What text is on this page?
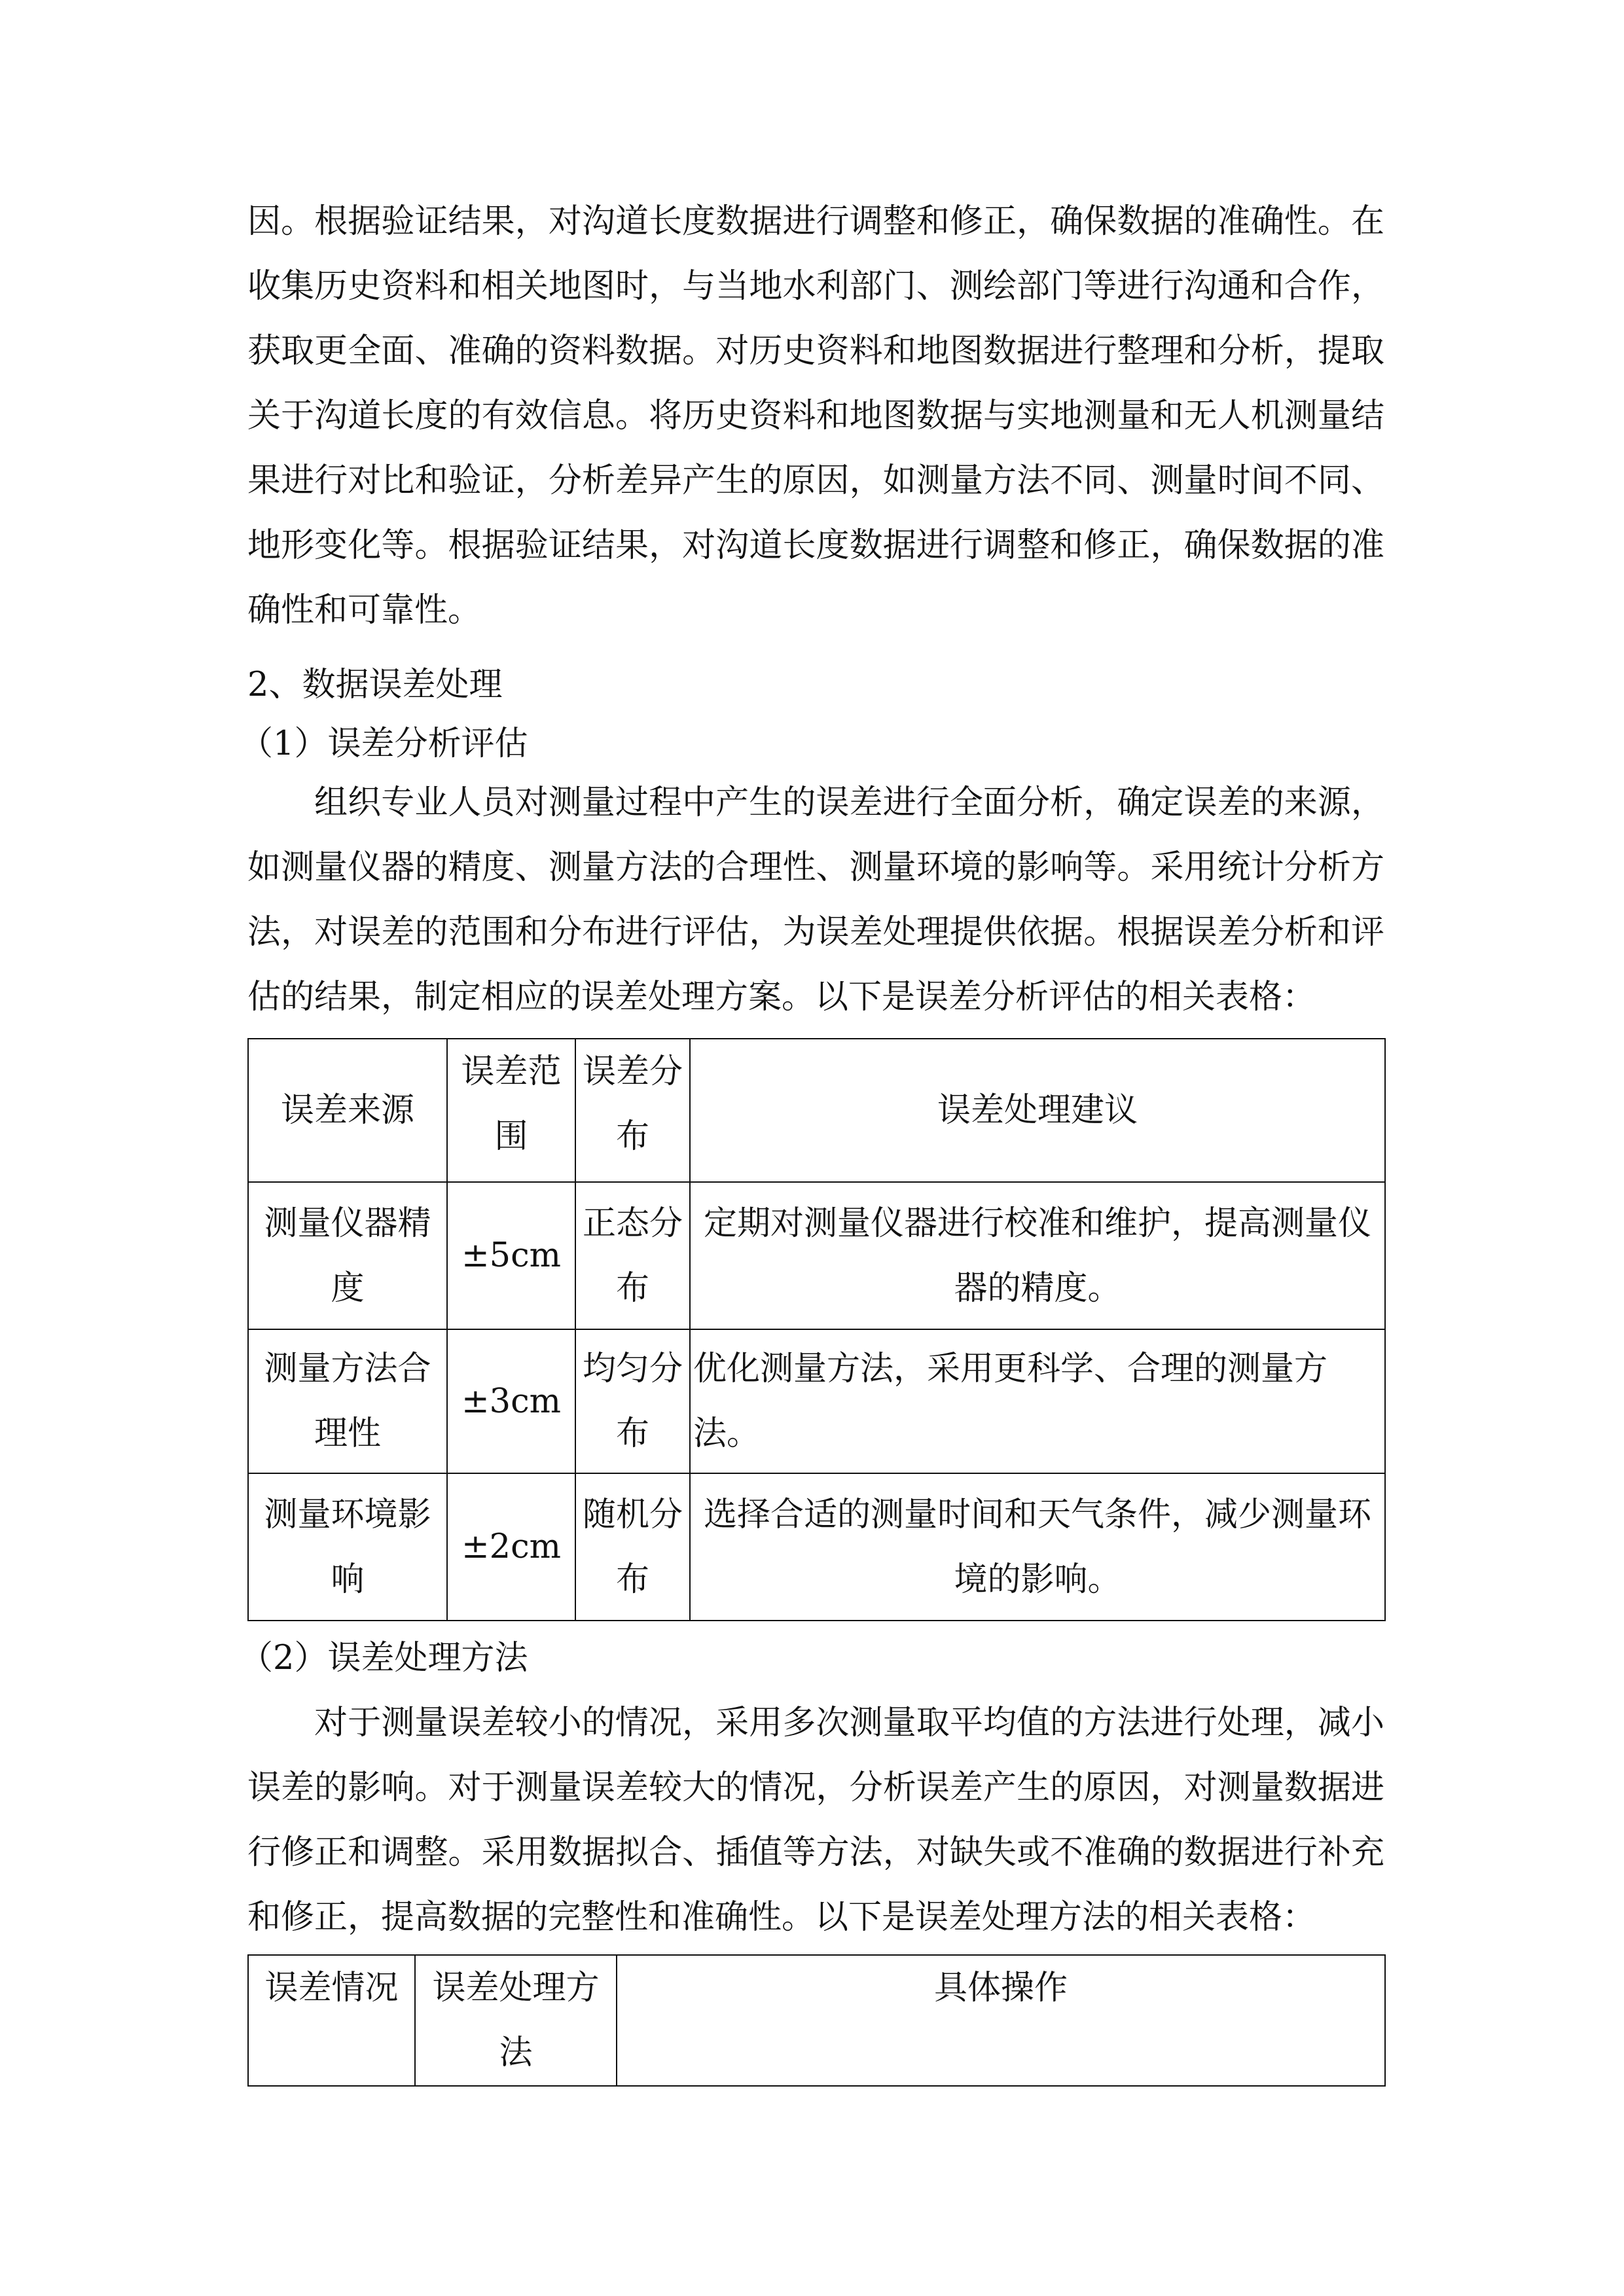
因。根据验证结果，对沟道长度数据进行调整和修正，确保数据的准确性。在
收集历史资料和相关地图时，与当地水利部门、测绘部门等进行沟通和合作，
获取更全面、准确的资料数据。对历史资料和地图数据进行整理和分析，提取
关于沟道长度的有效信息。将历史资料和地图数据与实地测量和无人机测量结
果进行对比和验证，分析差异产生的原因，如测量方法不同、测量时间不同、
地形变化等。根据验证结果，对沟道长度数据进行调整和修正，确保数据的准
确性和可靠性。
2、数据误差处理
（1）误差分析评估
组织专业人员对测量过程中产生的误差进行全面分析，确定误差的来源，
如测量仪器的精度、测量方法的合理性、测量环境的影响等。采用统计分析方
法，对误差的范围和分布进行评估，为误差处理提供依据。根据误差分析和评
估的结果，制定相应的误差处理方案。以下是误差分析评估的相关表格：
误差来源	误差范围	误差分布	误差处理建议
测量仪器精度	±5cm	正态分布	定期对测量仪器进行校准和维护，提高测量仪器的精度。
测量方法合理性	±3cm	均匀分布	优化测量方法，采用更科学、合理的测量方法。
测量环境影响	±2cm	随机分布	选择合适的测量时间和天气条件，减少测量环境的影响。
（2）误差处理方法
对于测量误差较小的情况，采用多次测量取平均值的方法进行处理，减小
误差的影响。对于测量误差较大的情况，分析误差产生的原因，对测量数据进
行修正和调整。采用数据拟合、插值等方法，对缺失或不准确的数据进行补充
和修正，提高数据的完整性和准确性。以下是误差处理方法的相关表格：
误差情况	误差处理方法	具体操作
